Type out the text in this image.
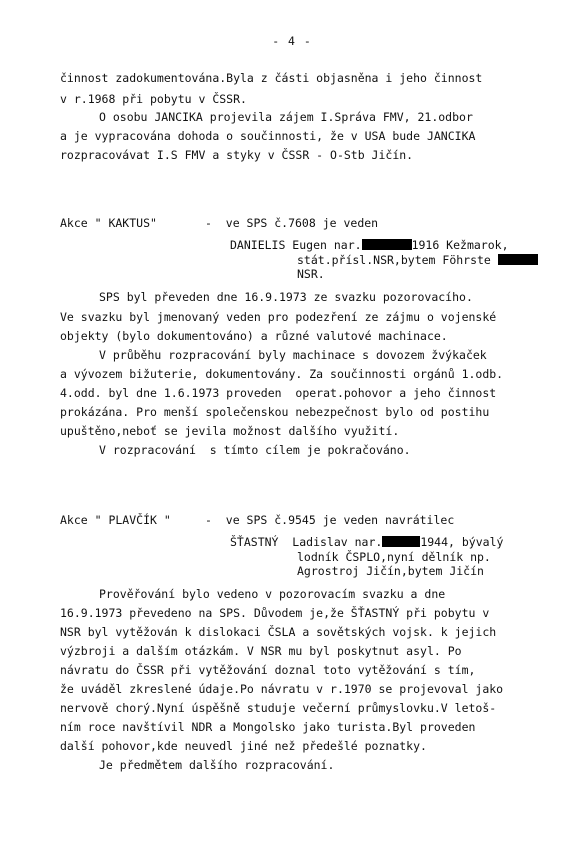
- 4 -
činnost zadokumentována.Byla z části objasněna i jeho činnost
v r.1968 při pobytu v ČSSR.
O osobu JANCIKA projevila zájem I.Správa FMV, 21.odbor
a je vypracována dohoda o součinnosti, že v USA bude JANCIKA
rozpracovávat I.S FMV a styky v ČSSR - O-Stb Jičín.
Akce " KAKTUS"	-  ve SPS č.7608 je veden
DANIELIS Eugen nar.	1916 Kežmarok,
stát.přísl.NSR,bytem Föhrste
NSR.
SPS byl převeden dne 16.9.1973 ze svazku pozorovacího.
Ve svazku byl jmenovaný veden pro podezření ze zájmu o vojenské
objekty (bylo dokumentováno) a různé valutové machinace.
V průběhu rozpracování byly machinace s dovozem žvýkaček
a vývozem bižuterie, dokumentovány. Za součinnosti orgánů 1.odb.
4.odd. byl dne 1.6.1973 proveden  operat.pohovor a jeho činnost
prokázána. Pro menší společenskou nebezpečnost bylo od postihu
upuštěno,neboť se jevila možnost dalšího využití.
V rozpracování  s tímto cílem je pokračováno.
Akce " PLAVČÍK "	-  ve SPS č.9545 je veden navrátilec
ŠŤASTNÝ  Ladislav nar.	1944, bývalý
lodník ČSPLO,nyní dělník np.
Agrostroj Jičín,bytem Jičín
Prověřování bylo vedeno v pozorovacím svazku a dne
16.9.1973 převedeno na SPS. Důvodem je,že ŠŤASTNÝ při pobytu v
NSR byl vytěžován k dislokaci ČSLA a sovětských vojsk. k jejich
výzbroji a dalším otázkám. V NSR mu byl poskytnut asyl. Po
návratu do ČSSR při vytěžování doznal toto vytěžování s tím,
že uváděl zkreslené údaje.Po návratu v r.1970 se projevoval jako
nervově chorý.Nyní úspěšně studuje večerní průmyslovku.V letoš-
ním roce navštívil NDR a Mongolsko jako turista.Byl proveden
další pohovor,kde neuvedl jiné než předešlé poznatky.
Je předmětem dalšího rozpracování.
